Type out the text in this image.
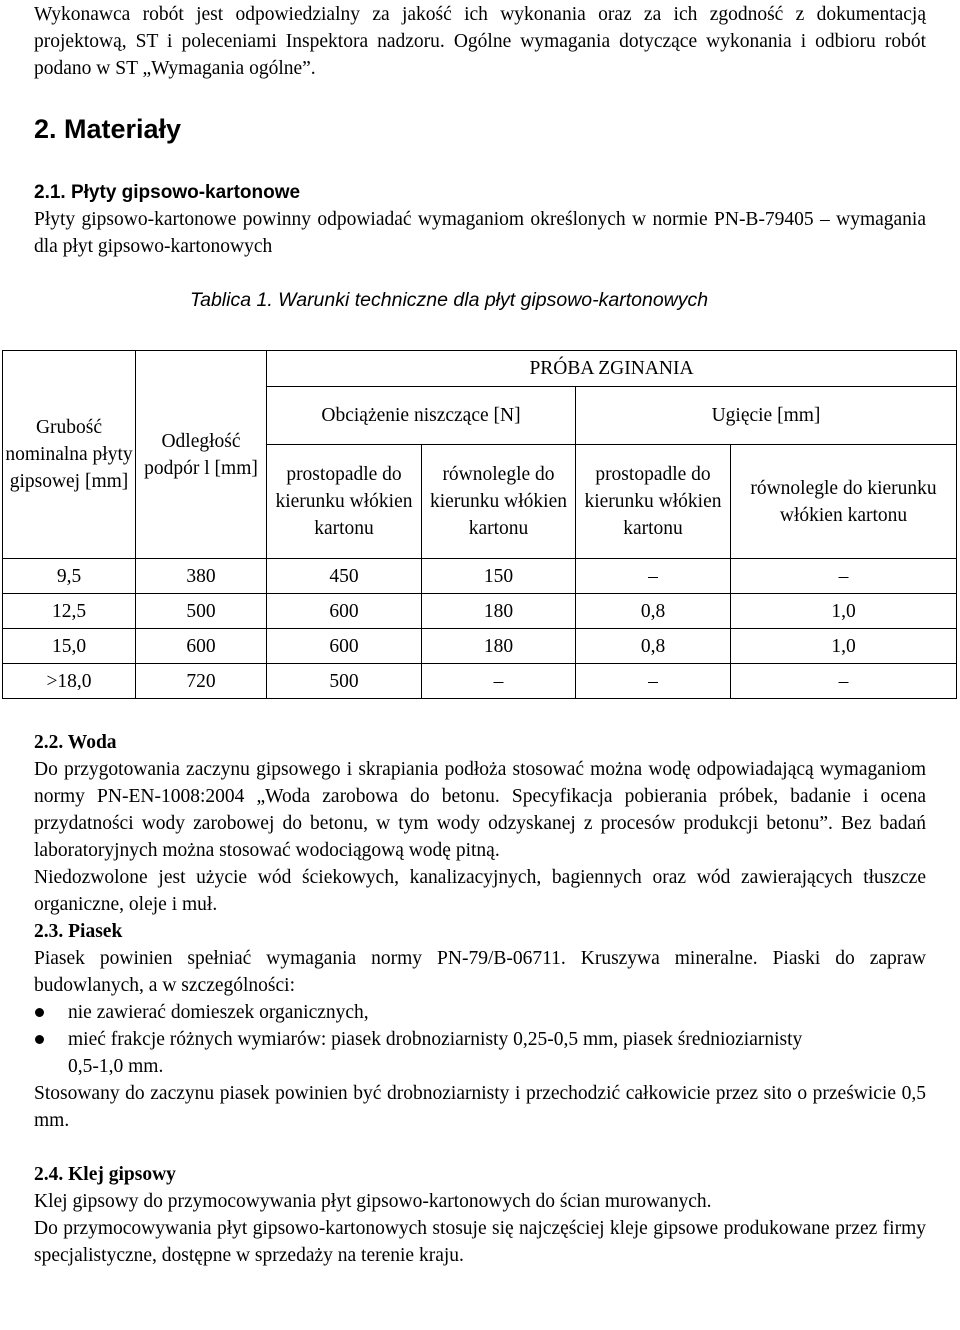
Wykonawca robót jest odpowiedzialny za jakość ich wykonania oraz za ich zgodność z dokumentacją projektową, ST i poleceniami Inspektora nadzoru. Ogólne wymagania dotyczące wykonania i odbioru robót podano w ST „Wymagania ogólne”.

2. Materiały

2.1. Płyty gipsowo-kartonowe

Płyty gipsowo-kartonowe powinny odpowiadać wymaganiom określonych w normie PN-B-79405 – wymagania dla płyt gipsowo-kartonowych

Tablica 1. Warunki techniczne dla płyt gipsowo-kartonowych
Grubość nominalna płyty gipsowej [mm]	Odległość podpór l [mm]	PRÓBA ZGINANIA			
		Obciążenie niszczące [N]		Ugięcie [mm]	
		prostopadle do kierunku włókien kartonu	równolegle do kierunku włókien kartonu	prostopadle do kierunku włókien kartonu	równolegle do kierunku włókien kartonu
9,5	380	450	150	–	–
12,5	500	600	180	0,8	1,0
15,0	600	600	180	0,8	1,0
>18,0	720	500	–	–	–

2.2. Woda

Do przygotowania zaczynu gipsowego i skrapiania podłoża stosować można wodę odpowiadającą wymaganiom normy PN-EN-1008:2004 „Woda zarobowa do betonu. Specyfikacja pobierania próbek, badanie i ocena przydatności wody zarobowej do betonu, w tym wody odzyskanej z procesów produkcji betonu”. Bez badań laboratoryjnych można stosować wodociągową wodę pitną.

Niedozwolone jest użycie wód ściekowych, kanalizacyjnych, bagiennych oraz wód zawierających tłuszcze organiczne, oleje i muł.

2.3. Piasek

Piasek powinien spełniać wymagania normy PN-79/B-06711. Kruszywa mineralne. Piaski do zapraw budowlanych, a w szczególności:

nie zawierać domieszek organicznych,
mieć frakcje różnych wymiarów: piasek drobnoziarnisty 0,25-0,5 mm, piasek średnioziarnisty
0,5-1,0 mm.

Stosowany do zaczynu piasek powinien być drobnoziarnisty i przechodzić całkowicie przez sito o prześwicie 0,5 mm.

2.4. Klej gipsowy

Klej gipsowy do przymocowywania płyt gipsowo-kartonowych do ścian murowanych.

Do przymocowywania płyt gipsowo-kartonowych stosuje się najczęściej kleje gipsowe produkowane przez firmy specjalistyczne, dostępne w sprzedaży na terenie kraju.
